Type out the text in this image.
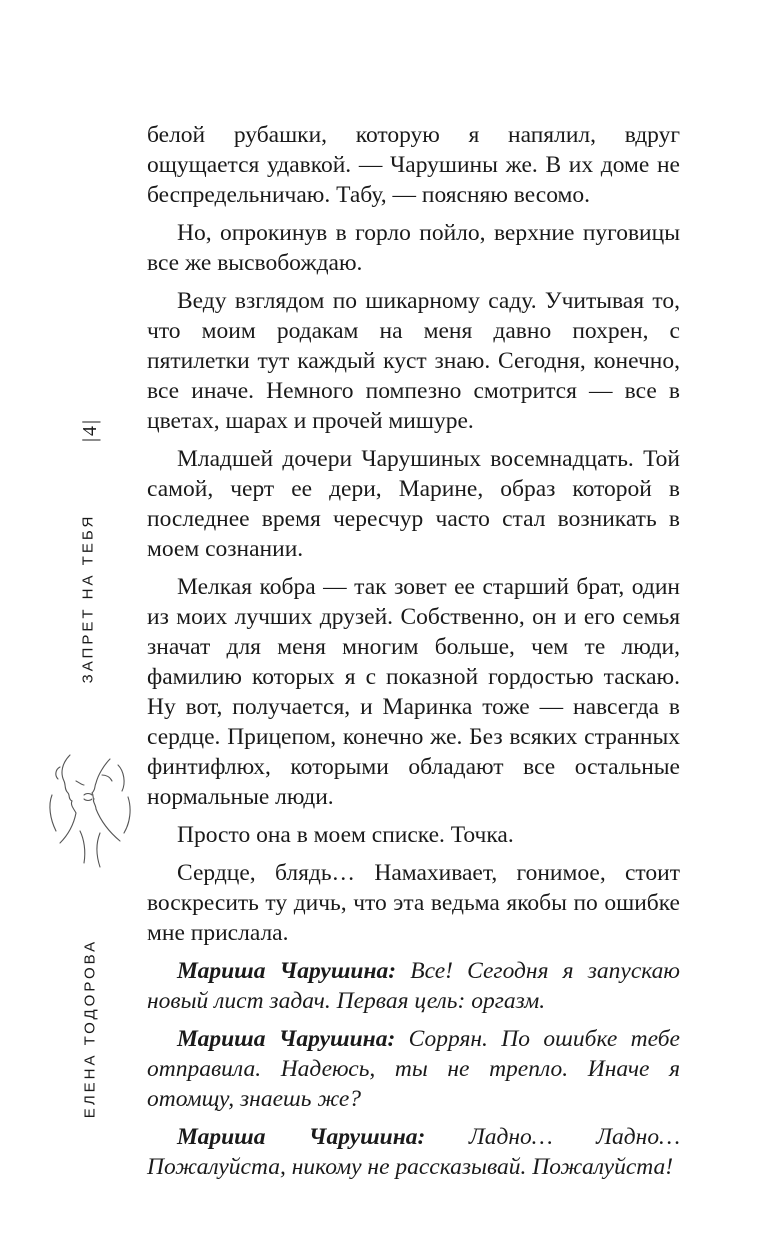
|4|
ЗАПРЕТ НА ТЕБЯ
ЕЛЕНА ТОДОРОВА

белой рубашки, которую я напялил, вдруг ощущается удавкой. — Чарушины же. В их доме не беспредельничаю. Табу, — поясняю весомо.

Но, опрокинув в горло пойло, верхние пуговицы все же высвобождаю.

Веду взглядом по шикарному саду. Учитывая то, что моим родакам на меня давно похрен, с пятилетки тут каждый куст знаю. Сегодня, конечно, все иначе. Немного помпезно смотрится — все в цветах, шарах и прочей мишуре.

Младшей дочери Чарушиных восемнадцать. Той самой, черт ее дери, Марине, образ которой в последнее время чересчур часто стал возникать в моем сознании.

Мелкая кобра — так зовет ее старший брат, один из моих лучших друзей. Собственно, он и его семья значат для меня многим больше, чем те люди, фамилию которых я с показной гордостью таскаю. Ну вот, получается, и Маринка тоже — навсегда в сердце. Прицепом, конечно же. Без всяких странных финтифлюх, которыми обладают все остальные нормальные люди.

Просто она в моем списке. Точка.

Сердце, блядь… Намахивает, гонимое, стоит воскресить ту дичь, что эта ведьма якобы по ошибке мне прислала.

Мариша Чарушина: Все! Сегодня я запускаю новый лист задач. Первая цель: оргазм.

Мариша Чарушина: Соррян. По ошибке тебе отправила. Надеюсь, ты не трепло. Иначе я отомщу, знаешь же?

Мариша Чарушина: Ладно… Ладно… Пожалуйста, никому не рассказывай. Пожалуйста!
